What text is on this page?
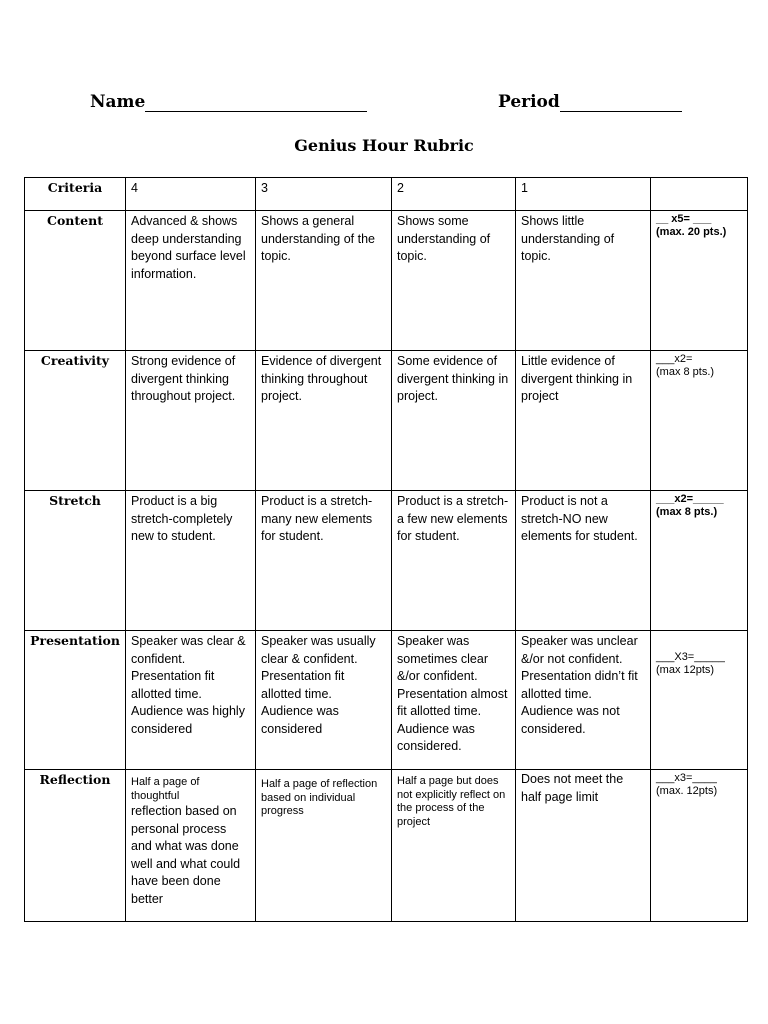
Name	Period
Genius Hour Rubric
Criteria	4	3	2	1	
Content	Advanced & shows deep understanding beyond surface level information.	Shows a general understanding of the topic.	Shows some understanding of topic.	Shows little understanding of topic.	__ x5= ___
(max. 20 pts.)

Creativity	Strong evidence of divergent thinking throughout project.	Evidence of divergent thinking throughout project.	Some evidence of divergent thinking in project.	Little evidence of divergent thinking in project	___x2=
(max 8 pts.)

Stretch	Product is a big stretch-completely new to student.	Product is a stretch-many new elements for student.	Product is a stretch-a few new elements for student.	Product is not a stretch-NO new elements for student.	___x2=_____
(max 8 pts.)

Presentation	Speaker was clear & confident. Presentation fit allotted time. Audience was highly considered	Speaker was usually clear & confident. Presentation fit allotted time. Audience was considered	Speaker was sometimes clear &/or confident. Presentation almost fit allotted time. Audience was considered.	Speaker was unclear &/or not confident. Presentation didn’t fit allotted time. Audience was not considered.	___X3=_____
(max 12pts)

Reflection	Half a page of thoughtful
reflection based on personal process and what was done well and what could have been done better	Half a page of reflection based on individual progress	Half a page but does not explicitly reflect on the process of the project	Does not meet the half page limit	___x3=____
(max. 12pts)
